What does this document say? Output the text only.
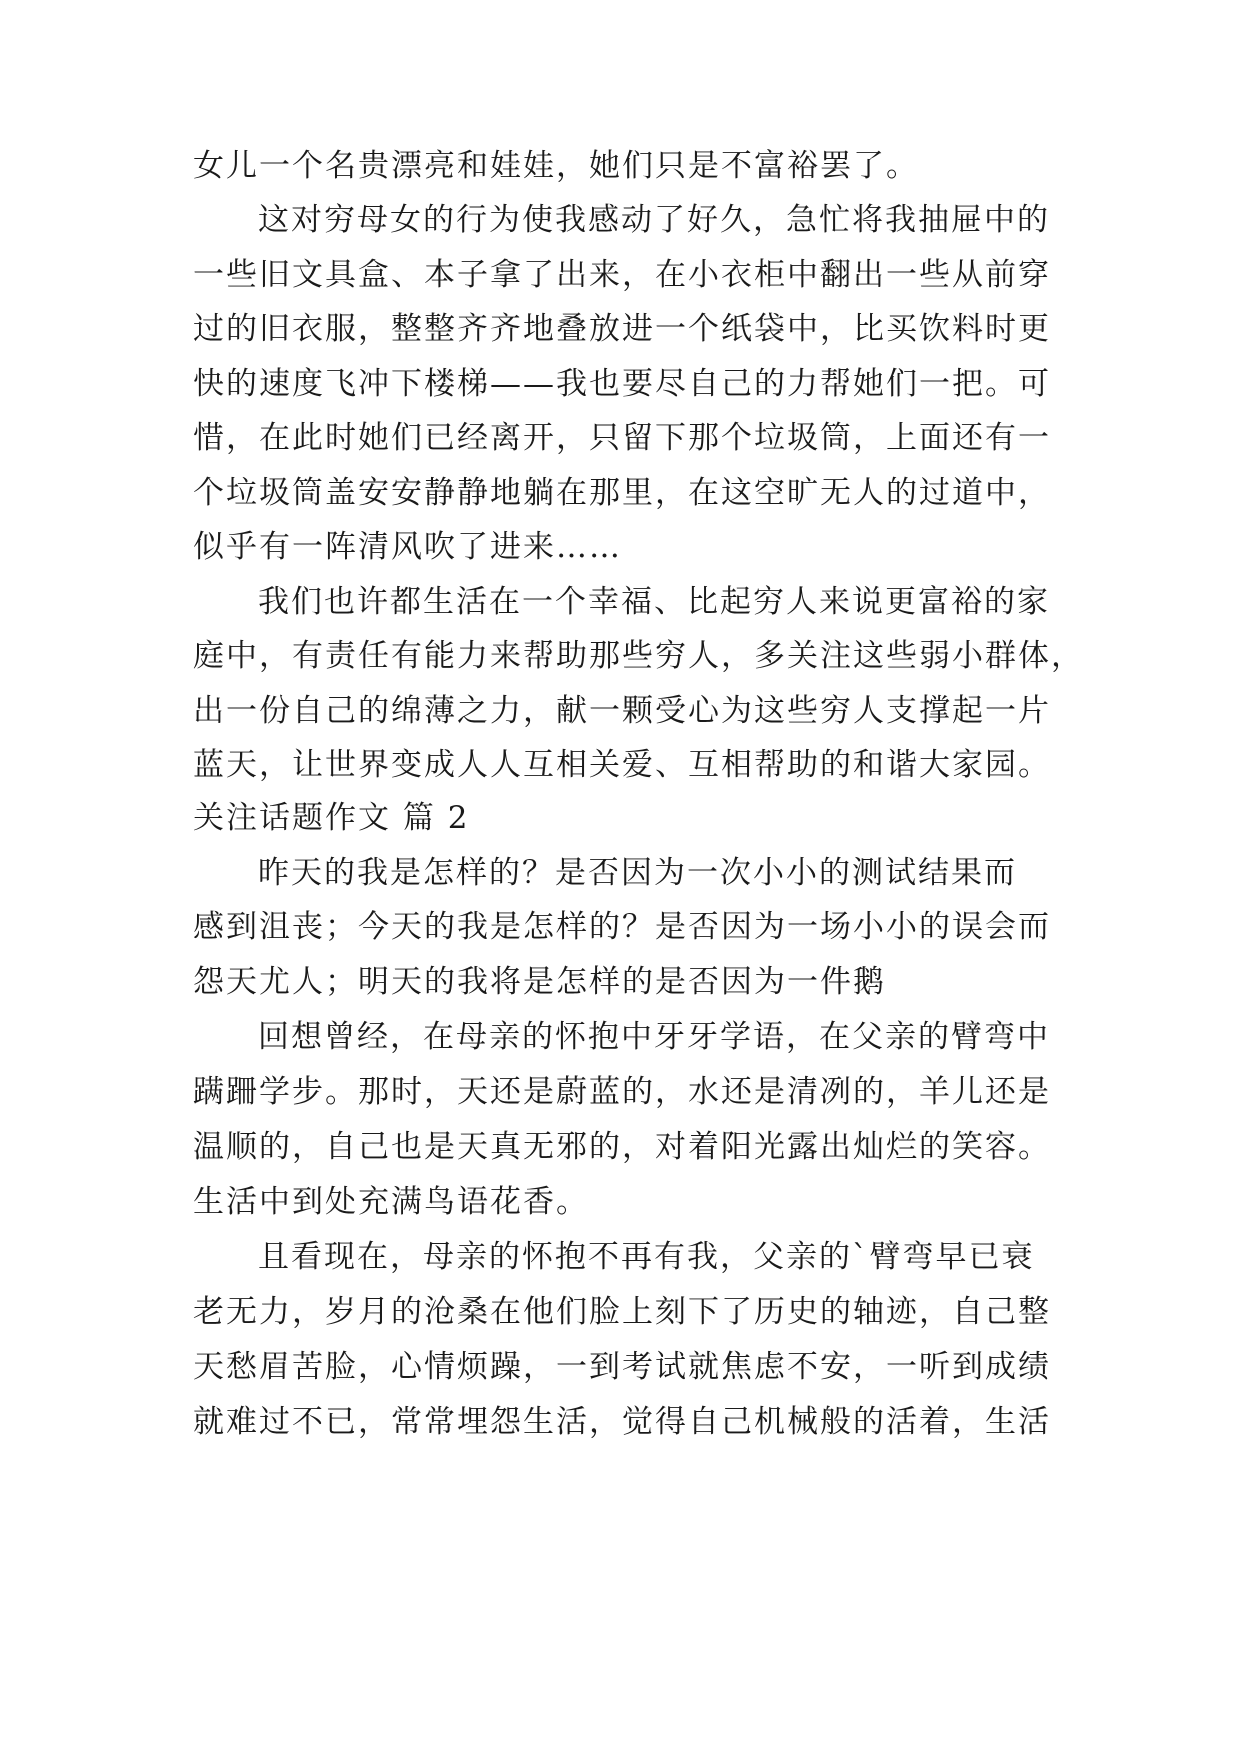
女儿一个名贵漂亮和娃娃，她们只是不富裕罢了。
这对穷母女的行为使我感动了好久，急忙将我抽屉中的
一些旧文具盒、本子拿了出来，在小衣柜中翻出一些从前穿
过的旧衣服，整整齐齐地叠放进一个纸袋中，比买饮料时更
快的速度飞冲下楼梯——我也要尽自己的力帮她们一把。可
惜，在此时她们已经离开，只留下那个垃圾筒，上面还有一
个垃圾筒盖安安静静地躺在那里，在这空旷无人的过道中，
似乎有一阵清风吹了进来……
我们也许都生活在一个幸福、比起穷人来说更富裕的家
庭中，有责任有能力来帮助那些穷人，多关注这些弱小群体，
出一份自己的绵薄之力，献一颗受心为这些穷人支撑起一片
蓝天，让世界变成人人互相关爱、互相帮助的和谐大家园。
关注话题作文 篇 2
昨天的我是怎样的？是否因为一次小小的测试结果而
感到沮丧；今天的我是怎样的？是否因为一场小小的误会而
怨天尤人；明天的我将是怎样的是否因为一件鹅
回想曾经，在母亲的怀抱中牙牙学语，在父亲的臂弯中
蹒跚学步。那时，天还是蔚蓝的，水还是清冽的，羊儿还是
温顺的，自己也是天真无邪的，对着阳光露出灿烂的笑容。
生活中到处充满鸟语花香。
且看现在，母亲的怀抱不再有我，父亲的`臂弯早已衰
老无力，岁月的沧桑在他们脸上刻下了历史的轴迹，自己整
天愁眉苦脸，心情烦躁，一到考试就焦虑不安，一听到成绩
就难过不已，常常埋怨生活，觉得自己机械般的活着，生活
